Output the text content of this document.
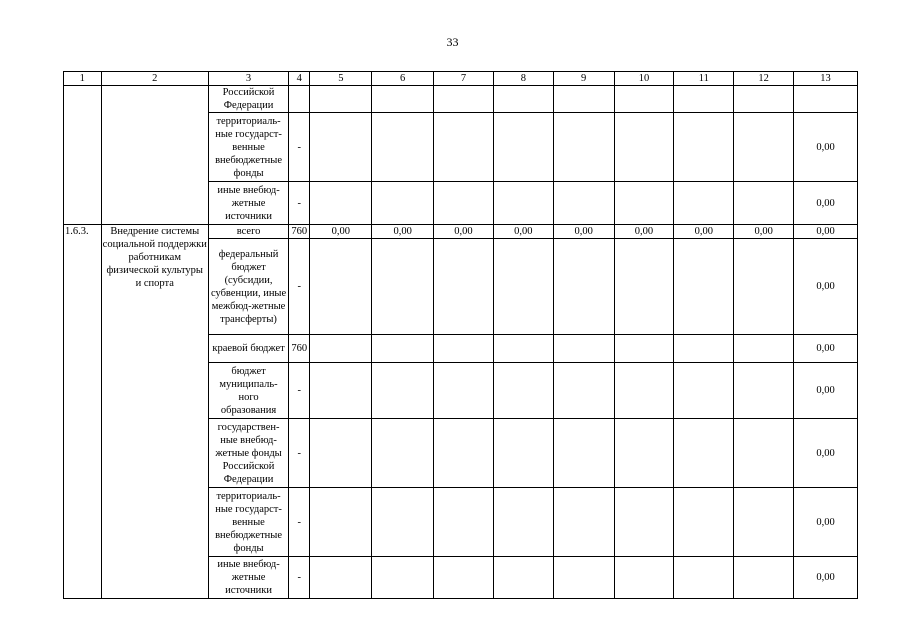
33
1	2	3	4	5	6	7	8	9	10	11	12	13
		Российской Федерации										
		территориаль-ные государст-венные внебюджетные фонды	-									0,00
		иные внебюд-жетные источники	-									0,00
1.6.3.	Внедрение системы социальной поддержки работникам физической культуры и спорта	всего	760	0,00	0,00	0,00	0,00	0,00	0,00	0,00	0,00	0,00
		федеральный бюджет (субсидии, субвенции, иные межбюд-жетные трансферты)	-									0,00
		краевой бюджет	760									0,00
		бюджет муниципаль-ного образования	-									0,00
		государствен-ные внебюд-жетные фонды Российской Федерации	-									0,00
		территориаль-ные государст-венные внебюджетные фонды	-									0,00
		иные внебюд-жетные источники	-									0,00
